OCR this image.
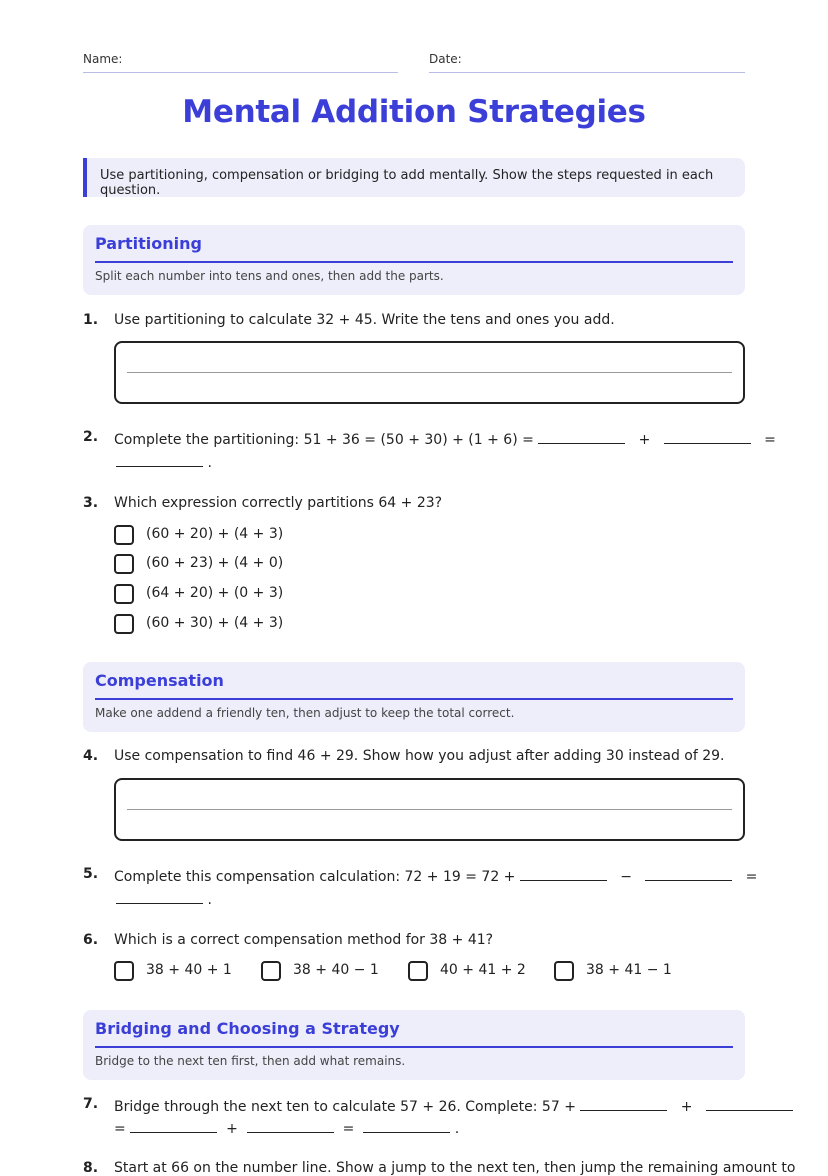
Name:	Date:
Mental Addition Strategies
Use partitioning, compensation or bridging to add mentally. Show the steps requested in each question.
Partitioning
Split each number into tens and ones, then add the parts.
1. Use partitioning to calculate 32 + 45. Write the tens and ones you add.
2. Complete the partitioning: 51 + 36 = (50 + 30) + (1 + 6) =	+	=
.
3. Which expression correctly partitions 64 + 23?
(60 + 20) + (4 + 3)
(60 + 23) + (4 + 0)
(64 + 20) + (0 + 3)
(60 + 30) + (4 + 3)
Compensation
Make one addend a friendly ten, then adjust to keep the total correct.
4. Use compensation to find 46 + 29. Show how you adjust after adding 30 instead of 29.
5. Complete this compensation calculation: 72 + 19 = 72 +	−	=
.
6. Which is a correct compensation method for 38 + 41?
38 + 40 + 1	38 + 40 − 1	40 + 41 + 2	38 + 41 − 1
Bridging and Choosing a Strategy
Bridge to the next ten first, then add what remains.
7. Bridge through the next ten to calculate 57 + 26. Complete: 57 +	+
=	+	=	.
8. Start at 66 on the number line. Show a jump to the next ten, then jump the remaining amount to
